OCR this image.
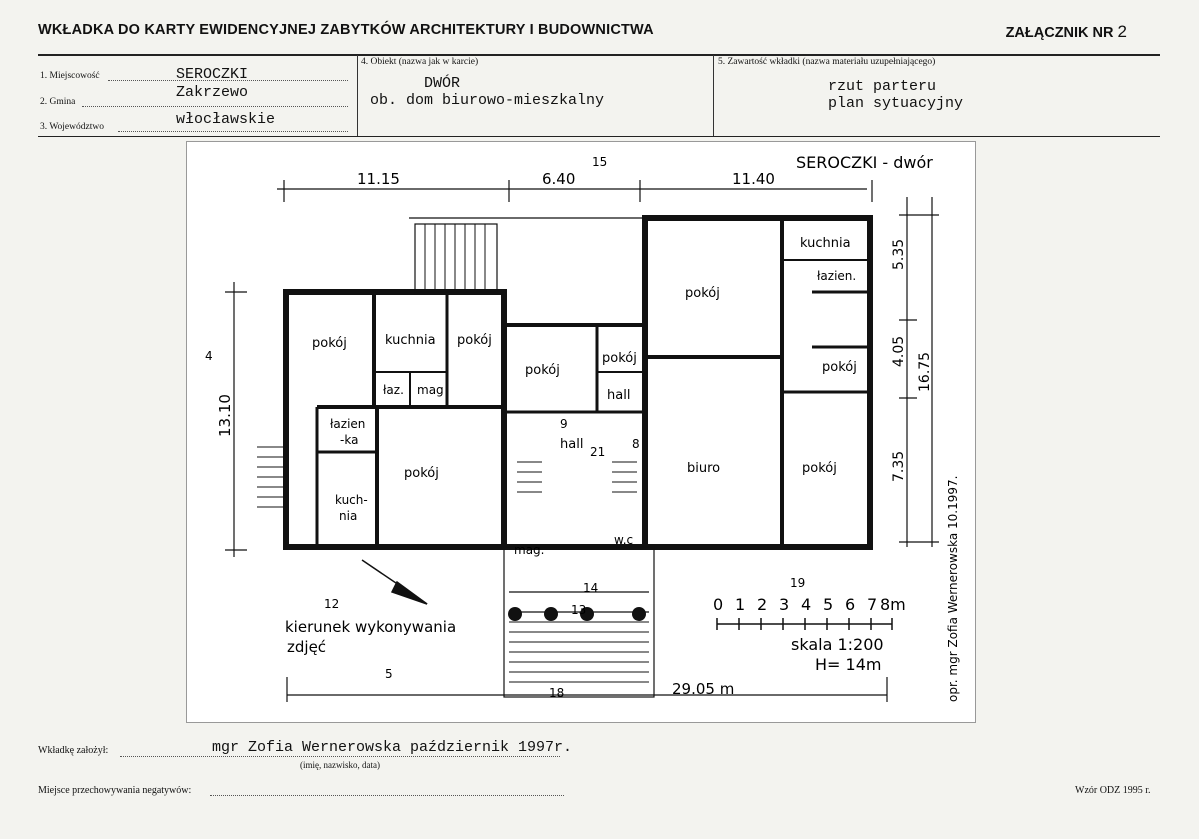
WKŁADKA DO KARTY EWIDENCYJNEJ ZABYTKÓW ARCHITEKTURY I BUDOWNICTWA	ZAŁĄCZNIK NR 2
1. Miejscowość	SEROCZKI
2. Gmina
Zakrzewo
3. Województwo	włocławskie
4. Obiekt (nazwa jak w karcie)
DWÓR
ob. dom biurowo-mieszkalny
5. Zawartość wkładki (nazwa materiału uzupełniającego)
rzut parteru
plan sytuacyjny
SEROCZKI - dwór
11.15	6.40	11.40
13.10
5.35
4.05
7.35
16.75
29.05 m
pokój	kuchnia pokój
łaz. mag
łazien
-ka
kuch-
nia
pokój
pokój
pokój
hall
hall
pokój
kuchnia
łazien.
pokój
biuro	pokój
w.c
mag.
15
4
9
21
8
12
5
14
13
18
19
kierunek wykonywania
zdjęć
0 1 2 3 4 5 6 7 8m
skala 1:200
H= 14m	opr. mgr Zofia Wernerowska 10.1997.
Wkładkę założył:	mgr Zofia Wernerowska październik 1997r.
(imię, nazwisko, data)
Miejsce przechowywania negatywów:	Wzór ODZ 1995 r.
